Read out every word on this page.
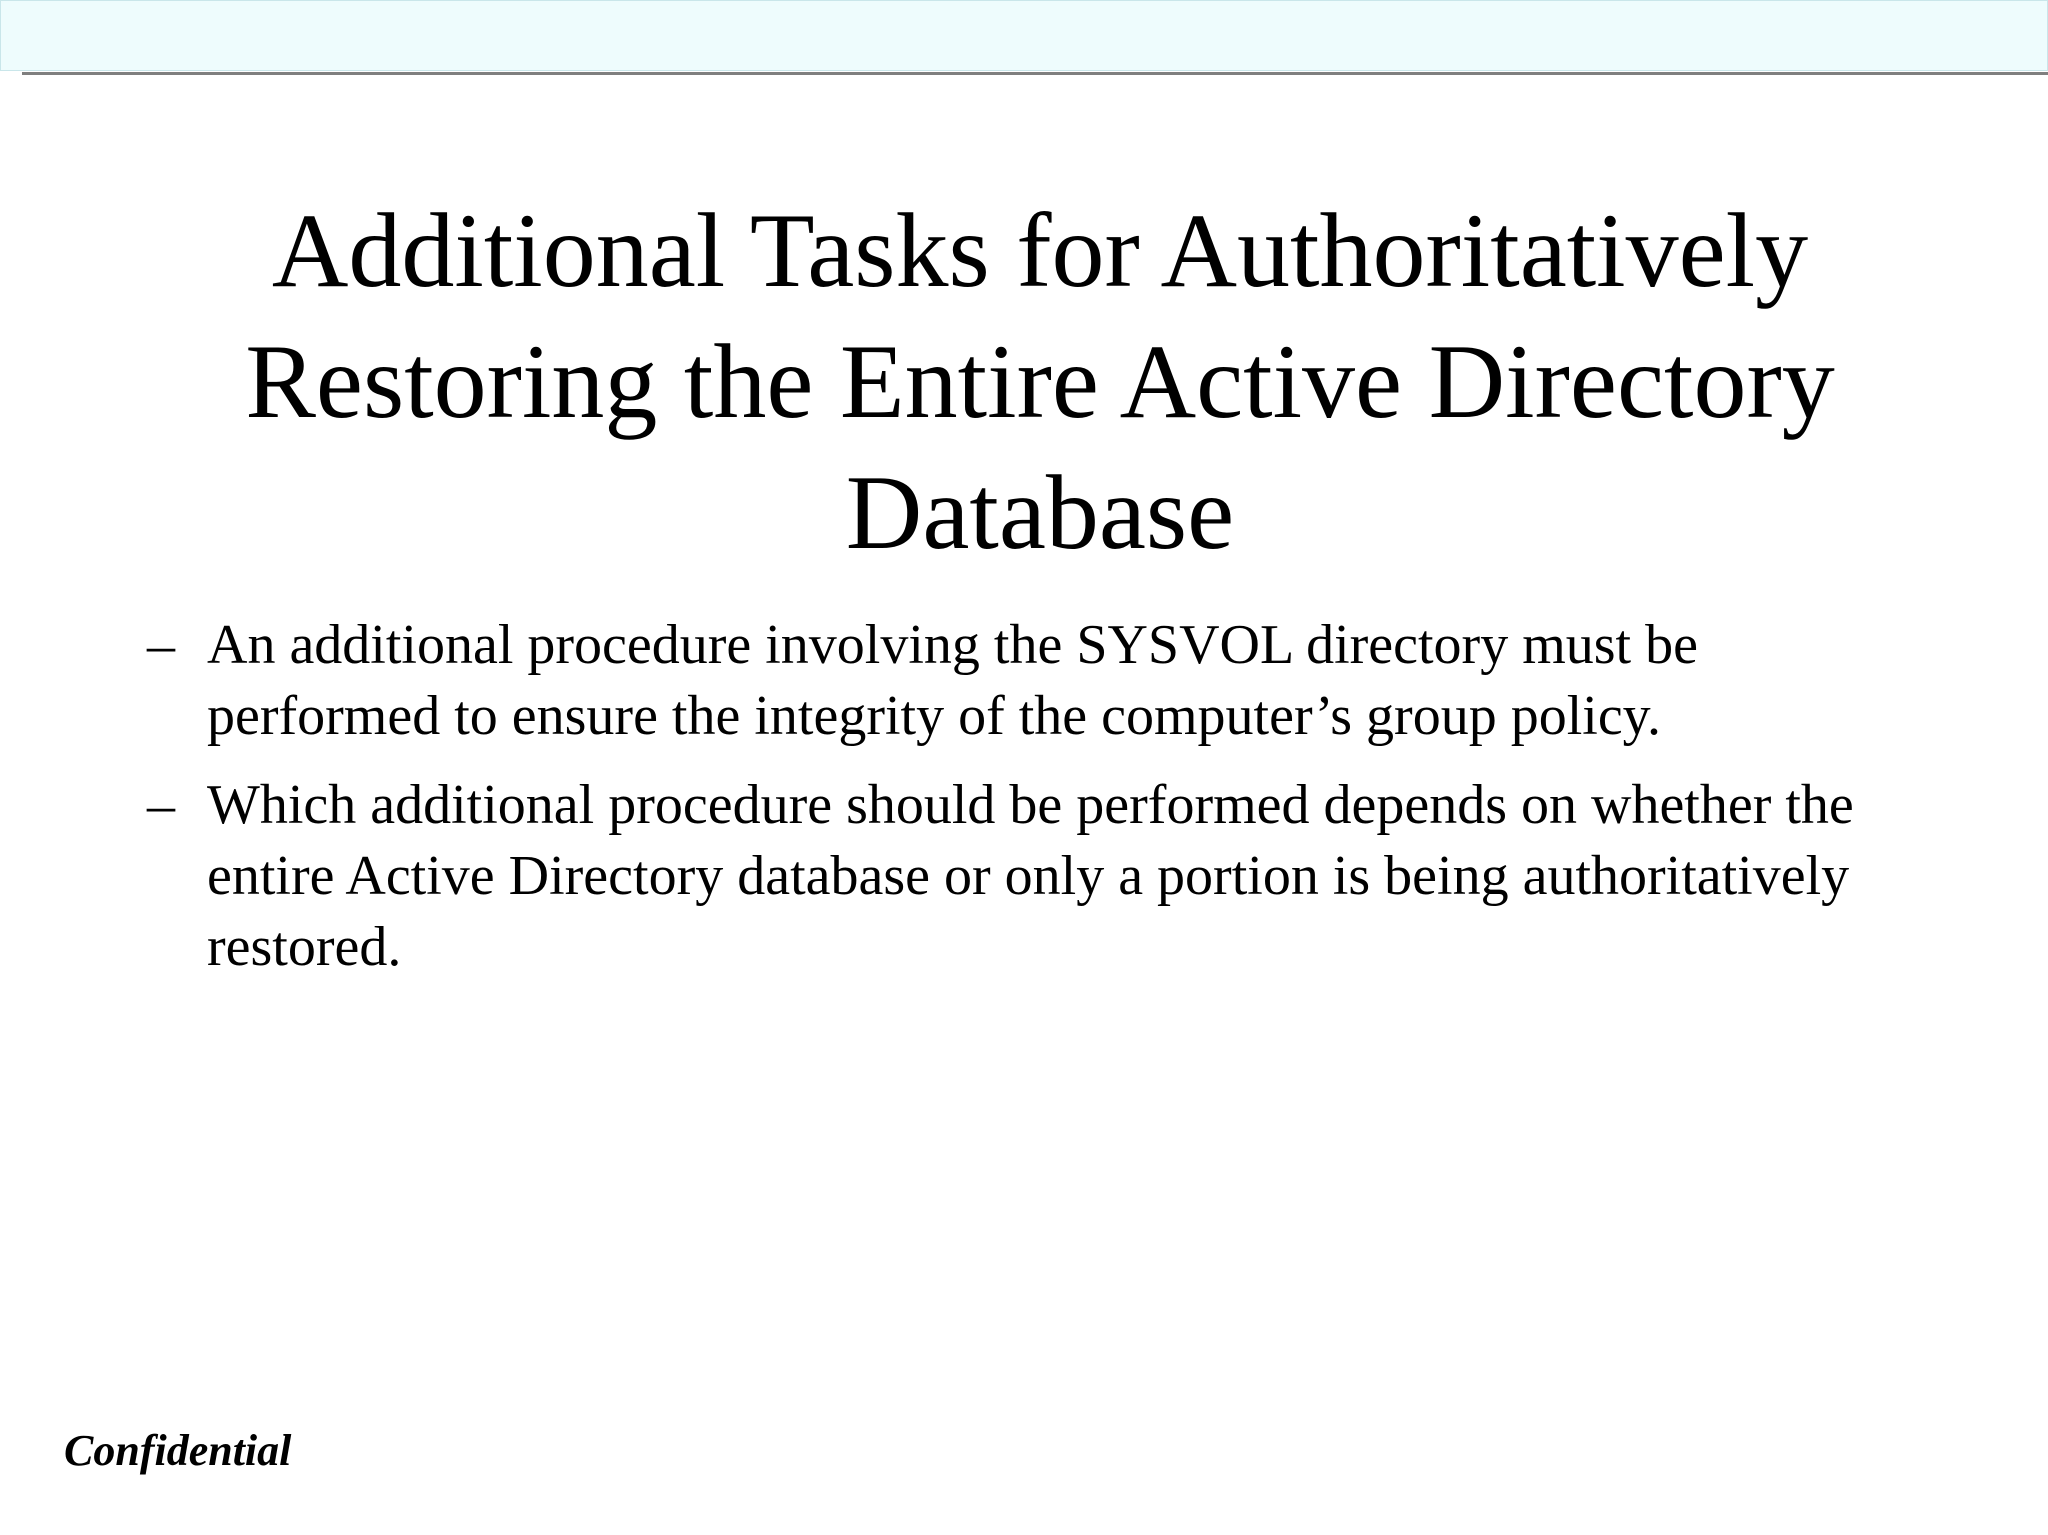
Additional Tasks for Authoritatively
Restoring the Entire Active Directory
Database
– An additional procedure involving the SYSVOL directory must be performed to ensure the integrity of the computer’s group policy.
– Which additional procedure should be performed depends on whether the entire Active Directory database or only a portion is being authoritatively restored.
Confidential
